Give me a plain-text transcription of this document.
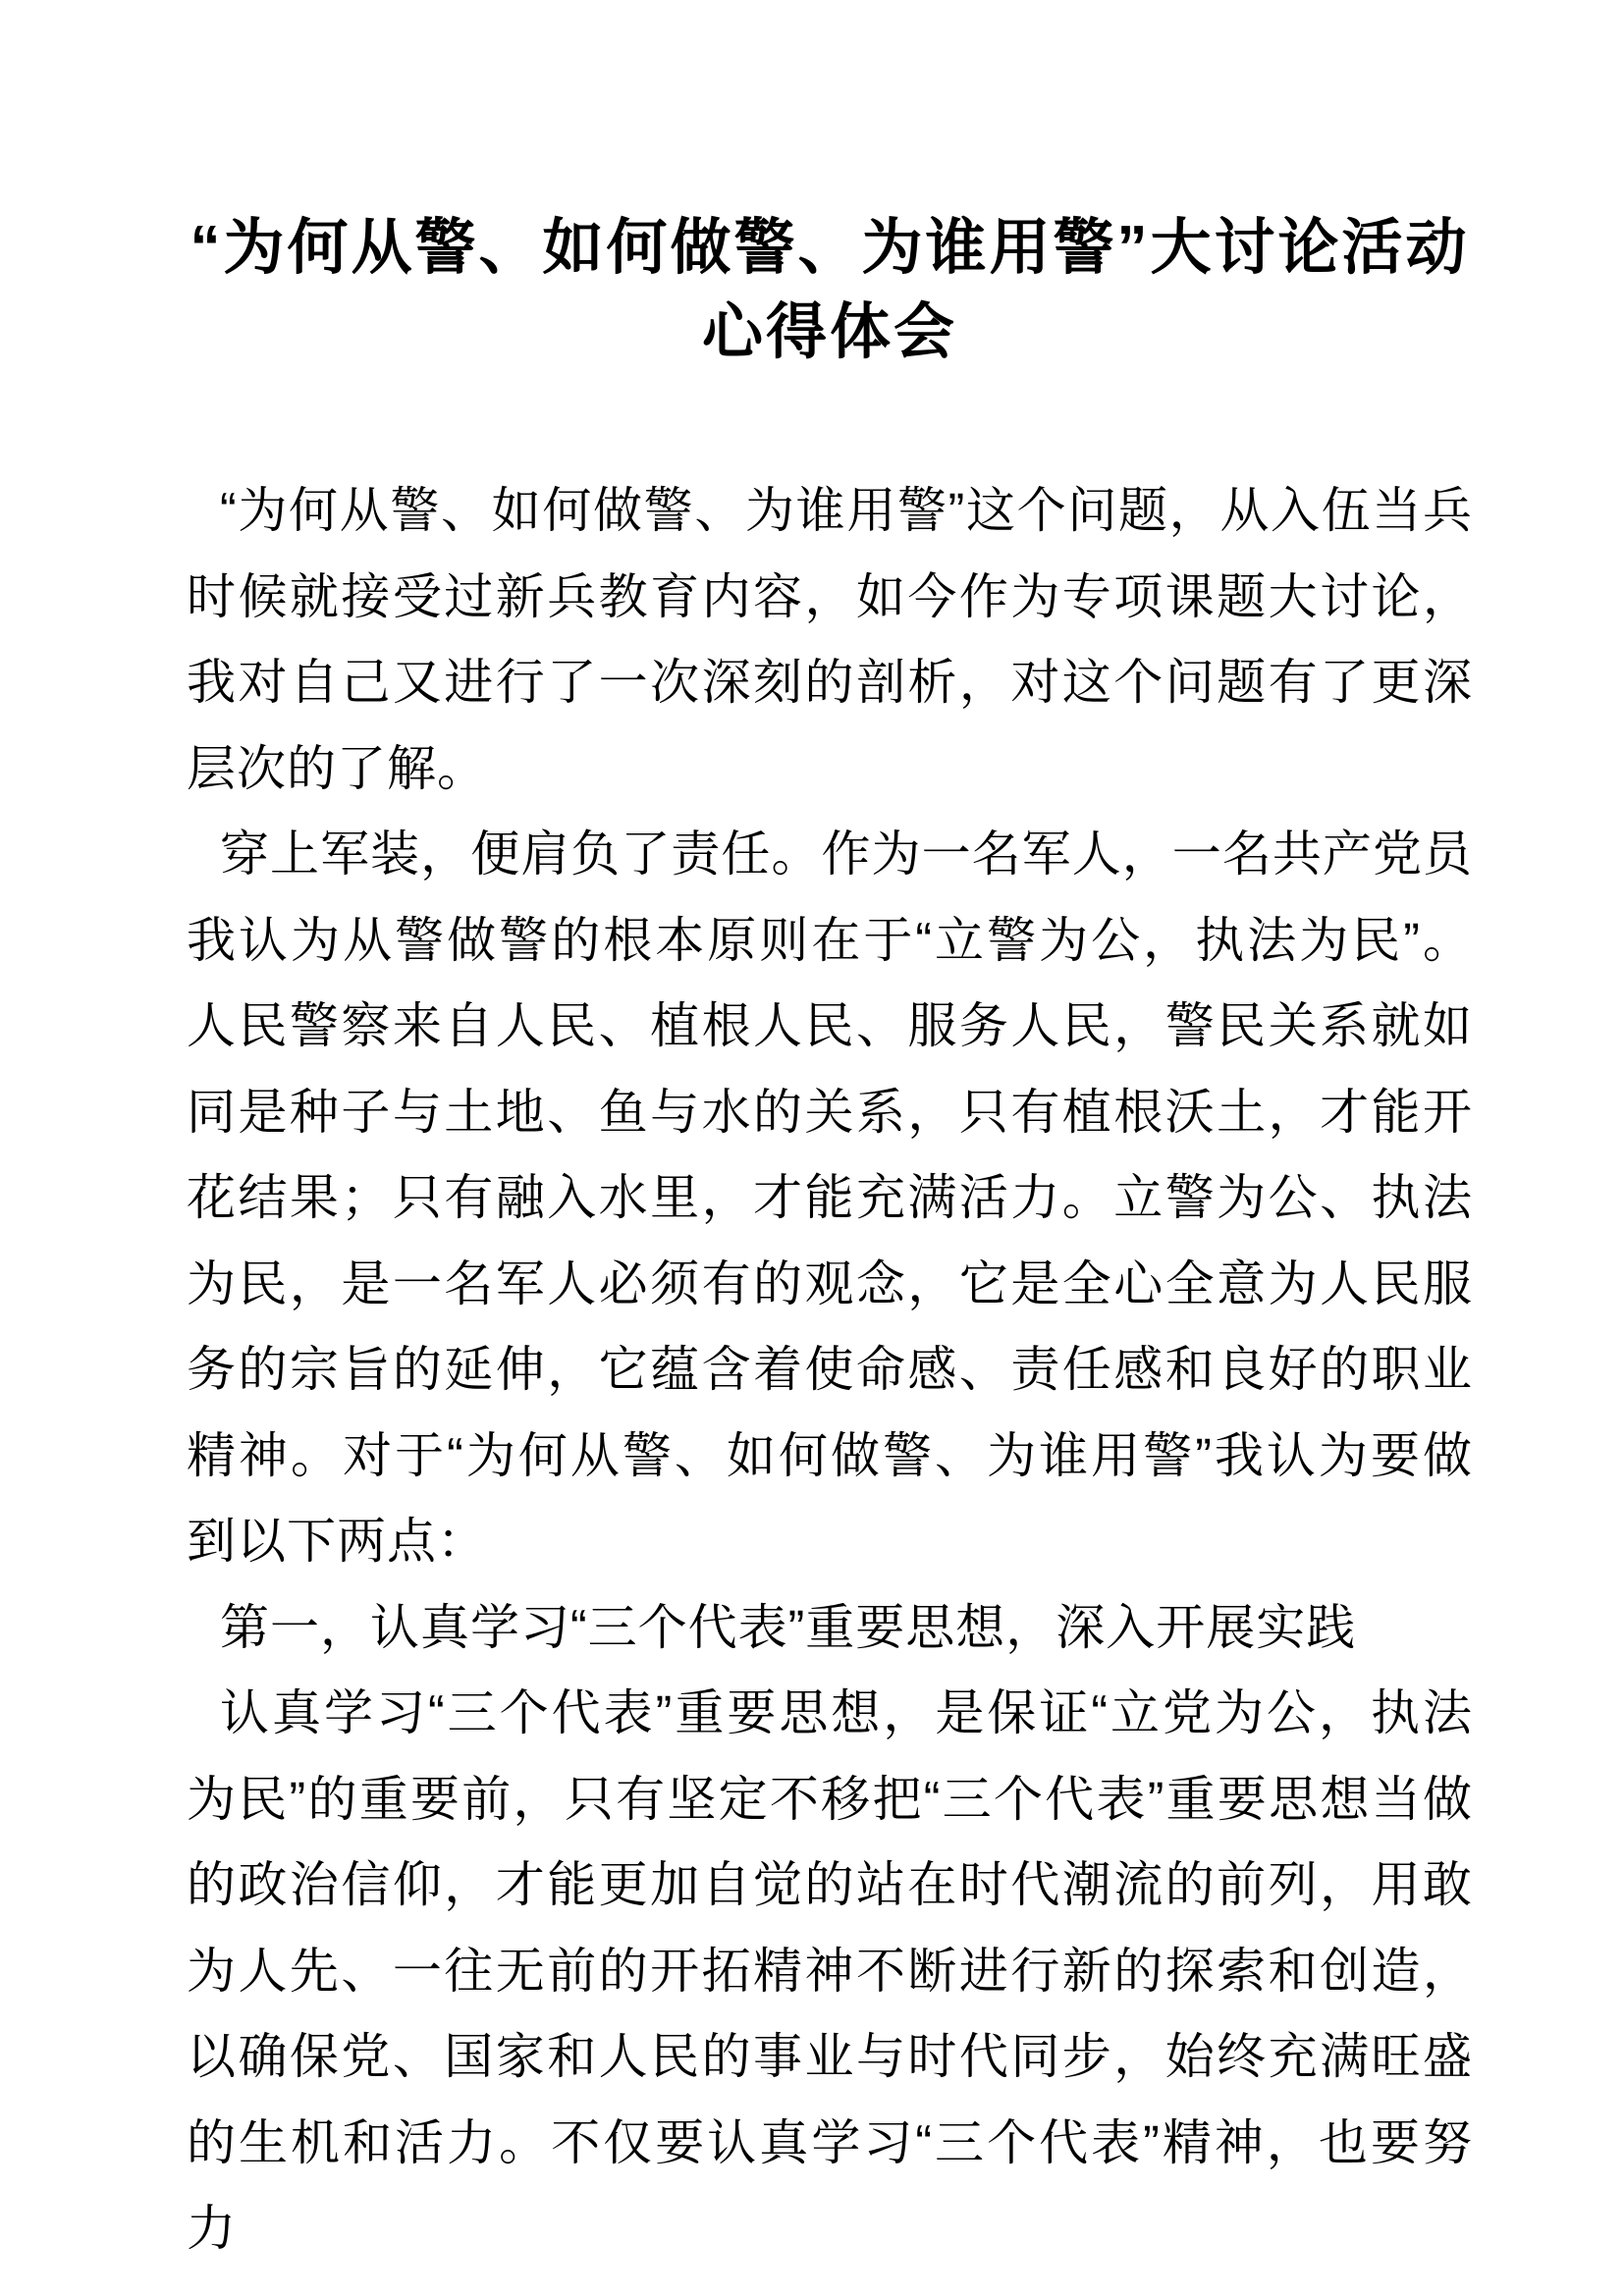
“为何从警、如何做警、为谁用警”大讨论活动心得体会

“为何从警、如何做警、为谁用警”这个问题，从入伍当兵时候就接受过新兵教育内容，如今作为专项课题大讨论，我对自己又进行了一次深刻的剖析，对这个问题有了更深层次的了解。

穿上军装，便肩负了责任。作为一名军人，一名共产党员我认为从警做警的根本原则在于“立警为公，执法为民”。人民警察来自人民、植根人民、服务人民，警民关系就如同是种子与土地、鱼与水的关系，只有植根沃土，才能开花结果；只有融入水里，才能充满活力。立警为公、执法为民，是一名军人必须有的观念，它是全心全意为人民服务的宗旨的延伸，它蕴含着使命感、责任感和良好的职业精神。对于“为何从警、如何做警、为谁用警”我认为要做到以下两点：

第一，认真学习“三个代表”重要思想，深入开展实践

认真学习“三个代表”重要思想，是保证“立党为公，执法为民”的重要前，只有坚定不移把“三个代表”重要思想当做的政治信仰，才能更加自觉的站在时代潮流的前列，用敢为人先、一往无前的开拓精神不断进行新的探索和创造，以确保党、国家和人民的事业与时代同步，始终充满旺盛的生机和活力。不仅要认真学习“三个代表”精神，也要努力
